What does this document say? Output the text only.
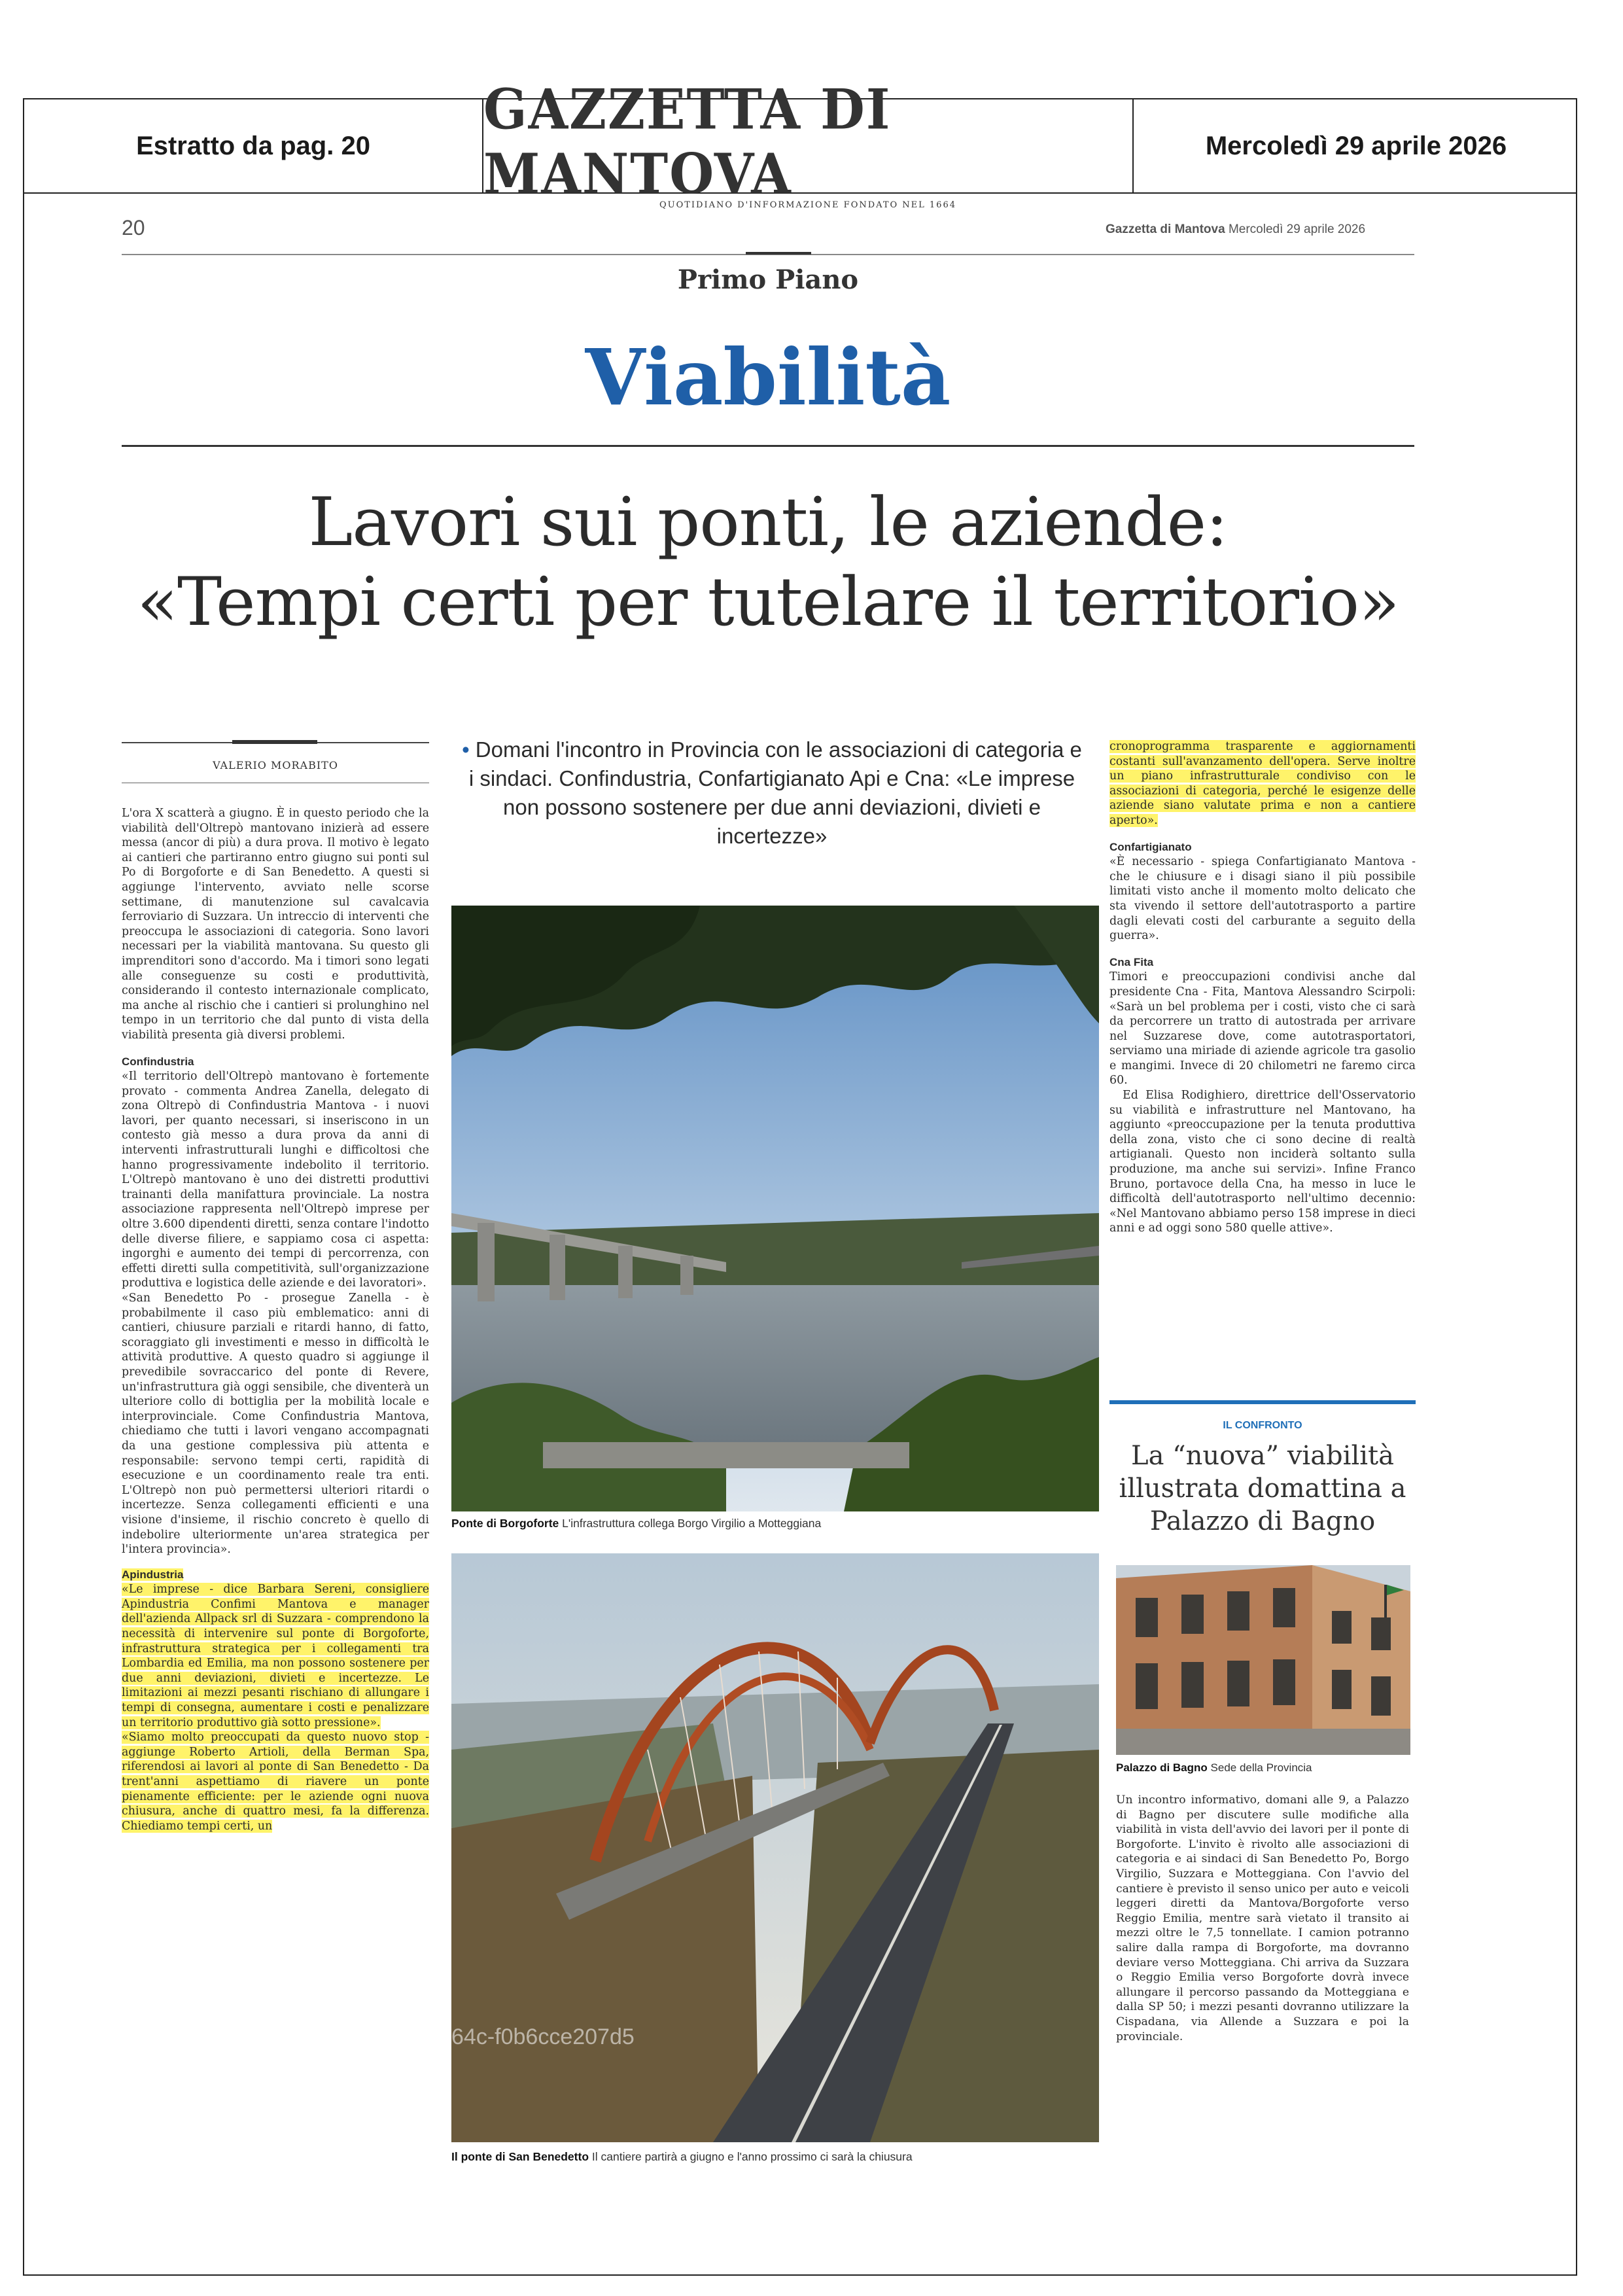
Estratto da pag. 20
GAZZETTA DI MANTOVA
QUOTIDIANO D'INFORMAZIONE FONDATO NEL 1664
Mercoledì 29 aprile 2026
20	Gazzetta di Mantova Mercoledì 29 aprile 2026
Primo Piano
Viabilità
Lavori sui ponti, le aziende:
«Tempi certi per tutelare il territorio»
VALERIO MORABITO

L'ora X scatterà a giugno. È in questo periodo che la viabilità dell'Oltrepò mantovano inizierà ad essere messa (ancor di più) a dura prova. Il motivo è legato ai cantieri che partiranno entro giugno sui ponti sul Po di Borgoforte e di San Benedetto. A questi si aggiunge l'intervento, avviato nelle scorse settimane, di manutenzione sul cavalcavia ferroviario di Suzzara. Un intreccio di interventi che preoccupa le associazioni di categoria. Sono lavori necessari per la viabilità mantovana. Su questo gli imprenditori sono d'accordo. Ma i timori sono legati alle conseguenze su costi e produttività, considerando il contesto internazionale complicato, ma anche al rischio che i cantieri si prolunghino nel tempo in un territorio che dal punto di vista della viabilità presenta già diversi problemi.

Confindustria

«Il territorio dell'Oltrepò mantovano è fortemente provato - commenta Andrea Zanella, delegato di zona Oltrepò di Confindustria Mantova - i nuovi lavori, per quanto necessari, si inseriscono in un contesto già messo a dura prova da anni di interventi infrastrutturali lunghi e difficoltosi che hanno progressivamente indebolito il territorio. L'Oltrepò mantovano è uno dei distretti produttivi trainanti della manifattura provinciale. La nostra associazione rappresenta nell'Oltrepò imprese per oltre 3.600 dipendenti diretti, senza contare l'indotto delle diverse filiere, e sappiamo cosa ci aspetta: ingorghi e aumento dei tempi di percorrenza, con effetti diretti sulla competitività, sull'organizzazione produttiva e logistica delle aziende e dei lavoratori».

«San Benedetto Po - prosegue Zanella - è probabilmente il caso più emblematico: anni di cantieri, chiusure parziali e ritardi hanno, di fatto, scoraggiato gli investimenti e messo in difficoltà le attività produttive. A questo quadro si aggiunge il prevedibile sovraccarico del ponte di Revere, un'infrastruttura già oggi sensibile, che diventerà un ulteriore collo di bottiglia per la mobilità locale e interprovinciale. Come Confindustria Mantova, chiediamo che tutti i lavori vengano accompagnati da una gestione complessiva più attenta e responsabile: servono tempi certi, rapidità di esecuzione e un coordinamento reale tra enti. L'Oltrepò non può permettersi ulteriori ritardi o incertezze. Senza collegamenti efficienti e una visione d'insieme, il rischio concreto è quello di indebolire ulteriormente un'area strategica per l'intera provincia».

Apindustria

«Le imprese - dice Barbara Sereni, consigliere Apindustria Confimi Mantova e manager dell'azienda Allpack srl di Suzzara - comprendono la necessità di intervenire sul ponte di Borgoforte, infrastruttura strategica per i collegamenti tra Lombardia ed Emilia, ma non possono sostenere per due anni deviazioni, divieti e incertezze. Le limitazioni ai mezzi pesanti rischiano di allungare i tempi di consegna, aumentare i costi e penalizzare un territorio produttivo già sotto pressione».

«Siamo molto preoccupati da questo nuovo stop - aggiunge Roberto Artioli, della Berman Spa, riferendosi ai lavori al ponte di San Benedetto - Da trent'anni aspettiamo di riavere un ponte pienamente efficiente: per le aziende ogni nuova chiusura, anche di quattro mesi, fa la differenza. Chiediamo tempi certi, un

• Domani l'incontro in Provincia con le associazioni di categoria e i sindaci. Confindustria, Confartigianato Api e Cna: «Le imprese non possono sostenere per due anni deviazioni, divieti e incertezze»
Ponte di Borgoforte L'infrastruttura collega Borgo Virgilio a Motteggiana
64c-f0b6cce207d5
Il ponte di San Benedetto Il cantiere partirà a giugno e l'anno prossimo ci sarà la chiusura

cronoprogramma trasparente e aggiornamenti costanti sull'avanzamento dell'opera. Serve inoltre un piano infrastrutturale condiviso con le associazioni di categoria, perché le esigenze delle aziende siano valutate prima e non a cantiere aperto».

Confartigianato

«È necessario - spiega Confartigianato Mantova - che le chiusure e i disagi siano il più possibile limitati visto anche il momento molto delicato che sta vivendo il settore dell'autotrasporto a partire dagli elevati costi del carburante a seguito della guerra».

Cna Fita

Timori e preoccupazioni condivisi anche dal presidente Cna - Fita, Mantova Alessandro Scirpoli: «Sarà un bel problema per i costi, visto che ci sarà da percorrere un tratto di autostrada per arrivare nel Suzzarese dove, come autotrasportatori, serviamo una miriade di aziende agricole tra gasolio e mangimi. Invece di 20 chilometri ne faremo circa 60.

Ed Elisa Rodighiero, direttrice dell'Osservatorio su viabilità e infrastrutture nel Mantovano, ha aggiunto «preoccupazione per la tenuta produttiva della zona, visto che ci sono decine di realtà artigianali. Questo non inciderà soltanto sulla produzione, ma anche sui servizi». Infine Franco Bruno, portavoce della Cna, ha messo in luce le difficoltà dell'autotrasporto nell'ultimo decennio: «Nel Mantovano abbiamo perso 158 imprese in dieci anni e ad oggi sono 580 quelle attive».

IL CONFRONTO
La “nuova” viabilità illustrata domattina a Palazzo di Bagno
Palazzo di Bagno Sede della Provincia
Un incontro informativo, domani alle 9, a Palazzo di Bagno per discutere sulle modifiche alla viabilità in vista dell'avvio dei lavori per il ponte di Borgoforte. L'invito è rivolto alle associazioni di categoria e ai sindaci di San Benedetto Po, Borgo Virgilio, Suzzara e Motteggiana. Con l'avvio del cantiere è previsto il senso unico per auto e veicoli leggeri diretti da Mantova/Borgoforte verso Reggio Emilia, mentre sarà vietato il transito ai mezzi oltre le 7,5 tonnellate. I camion potranno salire dalla rampa di Borgoforte, ma dovranno deviare verso Motteggiana. Chi arriva da Suzzara o Reggio Emilia verso Borgoforte dovrà invece allungare il percorso passando da Motteggiana e dalla SP 50; i mezzi pesanti dovranno utilizzare la Cispadana, via Allende a Suzzara e poi la provinciale.
